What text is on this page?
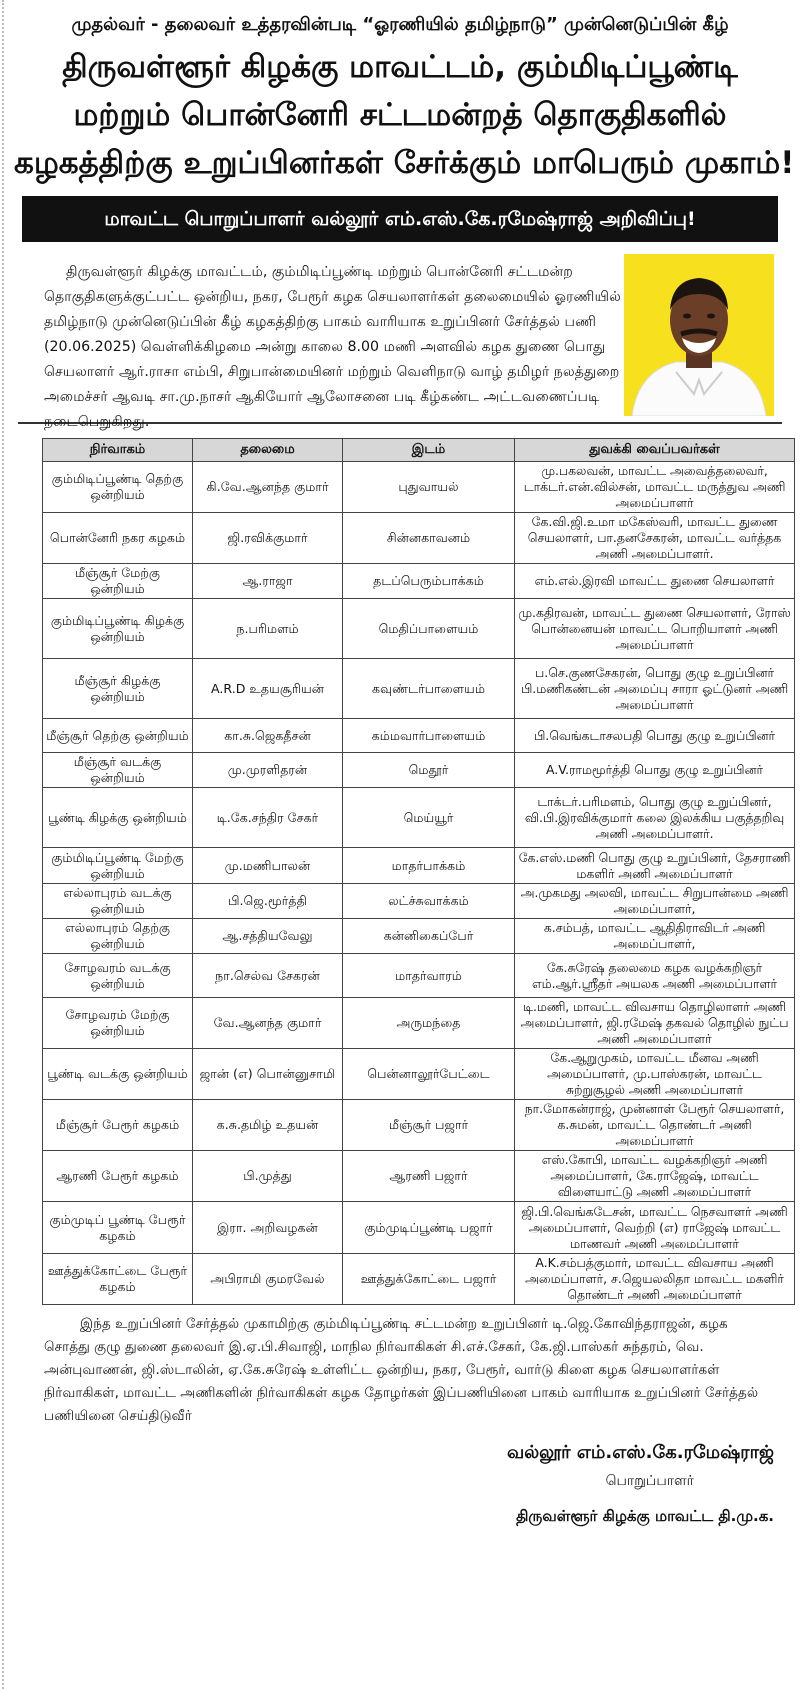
முதல்வர் - தலைவர் உத்தரவின்படி “ஓரணியில் தமிழ்நாடு” முன்னெடுப்பின் கீழ்
திருவள்ளூர் கிழக்கு மாவட்டம், கும்மிடிப்பூண்டி
மற்றும் பொன்னேரி சட்டமன்றத் தொகுதிகளில்
கழகத்திற்கு உறுப்பினர்கள் சேர்க்கும் மாபெரும் முகாம்!
மாவட்ட பொறுப்பாளர் வல்லூர் எம்.எஸ்.கே.ரமேஷ்ராஜ் அறிவிப்பு!
திருவள்ளூர் கிழக்கு மாவட்டம், கும்மிடிப்பூண்டி மற்றும் பொன்னேரி சட்டமன்ற தொகுதிகளுக்குட்பட்ட ஒன்றிய, நகர, பேரூர் கழக செயலாளர்கள் தலைமையில் ஓரணியில் தமிழ்நாடு முன்னெடுப்பின் கீழ் கழகத்திற்கு பாகம் வாரியாக உறுப்பினர் சேர்த்தல் பணி (20.06.2025) வெள்ளிக்கிழமை அன்று காலை 8.00 மணி அளவில் கழக துணை பொது செயலாளர் ஆர்.ராசா எம்பி, சிறுபான்மையினர் மற்றும் வெளிநாடு வாழ் தமிழர் நலத்துறை அமைச்சர் ஆவடி சா.மு.நாசர் ஆகியோர் ஆலோசனை படி கீழ்கண்ட அட்டவணைப்படி நடைபெறுகிறது.
நிர்வாகம்	தலைமை	இடம்	துவக்கி வைப்பவர்கள்
கும்மிடிப்பூண்டி தெற்கு ஒன்றியம்	கி.வே.ஆனந்த குமார்	புதுவாயல்	மு.பகலவன், மாவட்ட அவைத்தலைவர், டாக்டர்.என்.வில்சன், மாவட்ட மருத்துவ அணி அமைப்பாளர்
பொன்னேரி நகர கழகம்	ஜி.ரவிக்குமார்	சின்னகாவனம்	கே.வி.ஜி.உமா மகேஸ்வரி, மாவட்ட துணை செயலாளர், பா.தனசேகரன், மாவட்ட வர்த்தக அணி அமைப்பாளர்.
மீஞ்சூர் மேற்கு ஒன்றியம்	ஆ.ராஜா	தடப்பெரும்பாக்கம்	எம்.எல்.இரவி மாவட்ட துணை செயலாளர்
கும்மிடிப்பூண்டி கிழக்கு ஒன்றியம்	ந.பரிமளம்	மெதிப்பாளையம்	மு.கதிரவன், மாவட்ட துணை செயலாளர், ரோஸ் பொன்னையன் மாவட்ட பொறியாளர் அணி அமைப்பாளர்
மீஞ்சூர் கிழக்கு ஒன்றியம்	A.R.D உதயசூரியன்	கவுண்டர்பாளையம்	ப.செ.குணசேகரன், பொது குழு உறுப்பினர் பி.மணிகண்டன் அமைப்பு சாரா ஓட்டுனர் அணி அமைப்பாளர்
மீஞ்சூர் தெற்கு ஒன்றியம்	கா.சு.ஜெகதீசன்	கம்மவார்பாளையம்	பி.வெங்கடாசலபதி பொது குழு உறுப்பினர்
மீஞ்சூர் வடக்கு ஒன்றியம்	மு.முரளிதரன்	மெதூர்	A.V.ராமமூர்த்தி பொது குழு உறுப்பினர்
பூண்டி கிழக்கு ஒன்றியம்	டி.கே.சந்திர சேகர்	மெய்யூர்	டாக்டர்.பரிமளம், பொது குழு உறுப்பினர், வி.பி.இரவிக்குமார் கலை இலக்கிய பகுத்தறிவு அணி அமைப்பாளர்.
கும்மிடிப்பூண்டி மேற்கு ஒன்றியம்	மு.மணிபாலன்	மாதர்பாக்கம்	கே.எஸ்.மணி பொது குழு உறுப்பினர், தேசராணி மகளிர் அணி அமைப்பாளர்
எல்லாபுரம் வடக்கு ஒன்றியம்	பி.ஜெ.மூர்த்தி	லட்ச்சுவாக்கம்	அ.முகமது அலவி, மாவட்ட சிறுபான்மை அணி அமைப்பாளர்,
எல்லாபுரம் தெற்கு ஒன்றியம்	ஆ.சத்தியவேலு	கன்னிகைப்பேர்	க.சம்பத், மாவட்ட ஆதிதிராவிடர் அணி அமைப்பாளர்,
சோழவரம் வடக்கு ஒன்றியம்	நா.செல்வ சேகரன்	மாதர்வாரம்	கே.சுரேஷ் தலைமை கழக வழக்கறிஞர் எம்.ஆர்.ஸ்ரீதர் அயலக அணி அமைப்பாளர்
சோழவரம் மேற்கு ஒன்றியம்	வே.ஆனந்த குமார்	அருமந்தை	டி.மணி, மாவட்ட விவசாய தொழிலாளர் அணி அமைப்பாளர், ஜி.ரமேஷ் தகவல் தொழில் நுட்ப அணி அமைப்பாளர்
பூண்டி வடக்கு ஒன்றியம்	ஜான் (எ) பொன்னுசாமி	பென்னாலூர்பேட்டை	கே.ஆறுமுகம், மாவட்ட மீனவ அணி அமைப்பாளர், மு.பாஸ்கரன், மாவட்ட சுற்றுசூழல் அணி அமைப்பாளர்
மீஞ்சூர் பேரூர் கழகம்	க.சு.தமிழ் உதயன்	மீஞ்சூர் பஜார்	நா.மோகன்ராஜ், முன்னாள் பேரூர் செயலாளர், க.சுமன், மாவட்ட தொண்டர் அணி அமைப்பாளர்
ஆரணி பேரூர் கழகம்	பி.முத்து	ஆரணி பஜார்	எஸ்.கோபி, மாவட்ட வழக்கறிஞர் அணி அமைப்பாளர், கே.ராஜேஷ், மாவட்ட விளையாட்டு அணி அமைப்பாளர்
கும்முடிப் பூண்டி பேரூர் கழகம்	இரா. அறிவழகன்	கும்முடிப்பூண்டி பஜார்	ஜி.பி.வெங்கடேசன், மாவட்ட நெசவாளர் அணி அமைப்பாளர், வெற்றி (எ) ராஜேஷ் மாவட்ட மாணவர் அணி அமைப்பாளர்
ஊத்துக்கோட்டை பேரூர் கழகம்	அபிராமி குமரவேல்	ஊத்துக்கோட்டை பஜார்	A.K.சம்பத்குமார், மாவட்ட விவசாய அணி அமைப்பாளர், ச.ஜெயலலிதா மாவட்ட மகளிர் தொண்டர் அணி அமைப்பாளர்
இந்த உறுப்பினர் சேர்த்தல் முகாமிற்கு கும்மிடிப்பூண்டி சட்டமன்ற உறுப்பினர் டி.ஜெ.கோவிந்தராஜன், கழக சொத்து குழு துணை தலைவர் இ.ஏ.பி.சிவாஜி, மாநில நிர்வாகிகள் சி.எச்.சேகர், கே.ஜி.பாஸ்கர் சுந்தரம், வெ. அன்புவாணன், ஜி.ஸ்டாலின், ஏ.கே.சுரேஷ் உள்ளிட்ட ஒன்றிய, நகர, பேரூர், வார்டு கிளை கழக செயலாளர்கள் நிர்வாகிகள், மாவட்ட அணிகளின் நிர்வாகிகள் கழக தோழர்கள் இப்பணியினை பாகம் வாரியாக உறுப்பினர் சேர்த்தல் பணியினை செய்திடுவீர்
வல்லூர் எம்.எஸ்.கே.ரமேஷ்ராஜ்
பொறுப்பாளர்
திருவள்ளூர் கிழக்கு மாவட்ட தி.மு.க.
